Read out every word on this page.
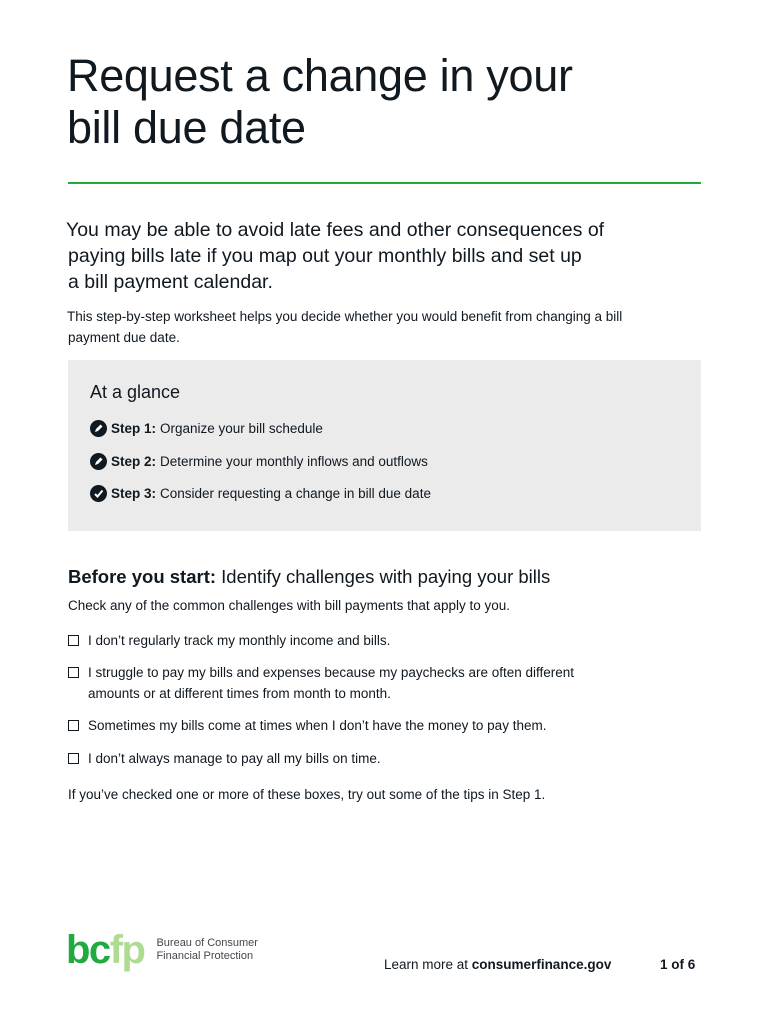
Request a change in your
bill due date

You may be able to avoid late fees and other consequences of
paying bills late if you map out your monthly bills and set up
a bill payment calendar.

This step-by-step worksheet helps you decide whether you would benefit from changing a bill
payment due date.

At a glance
Step 1: Organize your bill schedule
Step 2: Determine your monthly inflows and outflows
Step 3: Consider requesting a change in bill due date
Before you start: Identify challenges with paying your bills

Check any of the common challenges with bill payments that apply to you.

I don’t regularly track my monthly income and bills.
I struggle to pay my bills and expenses because my paychecks are often different amounts or at different times from month to month.
Sometimes my bills come at times when I don’t have the money to pay them.
I don’t always manage to pay all my bills on time.

If you’ve checked one or more of these boxes, try out some of the tips in Step 1.

bcfp Bureau of Consumer
Financial Protection
Learn more at consumerfinance.gov	1 of 6
